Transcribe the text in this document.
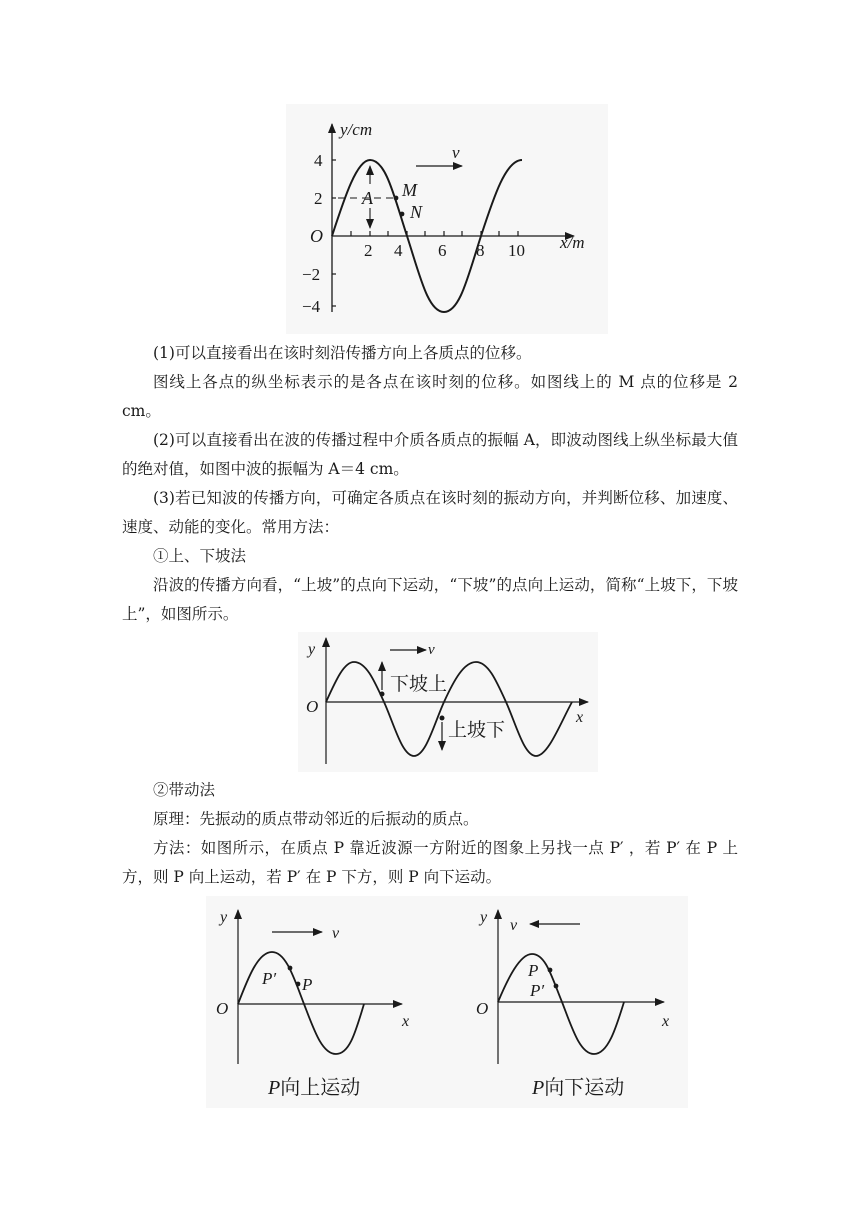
y/cm
x/m
O
4
2
−2
−4
2 4 6 8 10
v
A M
N
(1)可以直接看出在该时刻沿传播方向上各质点的位移。
图线上各点的纵坐标表示的是各点在该时刻的位移。如图线上的 M 点的位移是 2 cm。
(2)可以直接看出在波的传播过程中介质各质点的振幅 A，即波动图线上纵坐标最大值的绝对值，如图中波的振幅为 A＝4 cm。
(3)若已知波的传播方向，可确定各质点在该时刻的振动方向，并判断位移、加速度、速度、动能的变化。常用方法：
①上、下坡法
沿波的传播方向看，“上坡”的点向下运动，“下坡”的点向上运动，简称“上坡下，下坡上”，如图所示。
v
y
x
O
下坡上
上坡下
②带动法
原理：先振动的质点带动邻近的后振动的质点。
方法：如图所示，在质点 P 靠近波源一方附近的图象上另找一点 P′ ，若 P′ 在 P 上方，则 P 向上运动，若 P′ 在 P 下方，则 P 向下运动。
y
x
O
v
P′ P
P向上运动
y
x
O
v
P
P′
P向下运动
